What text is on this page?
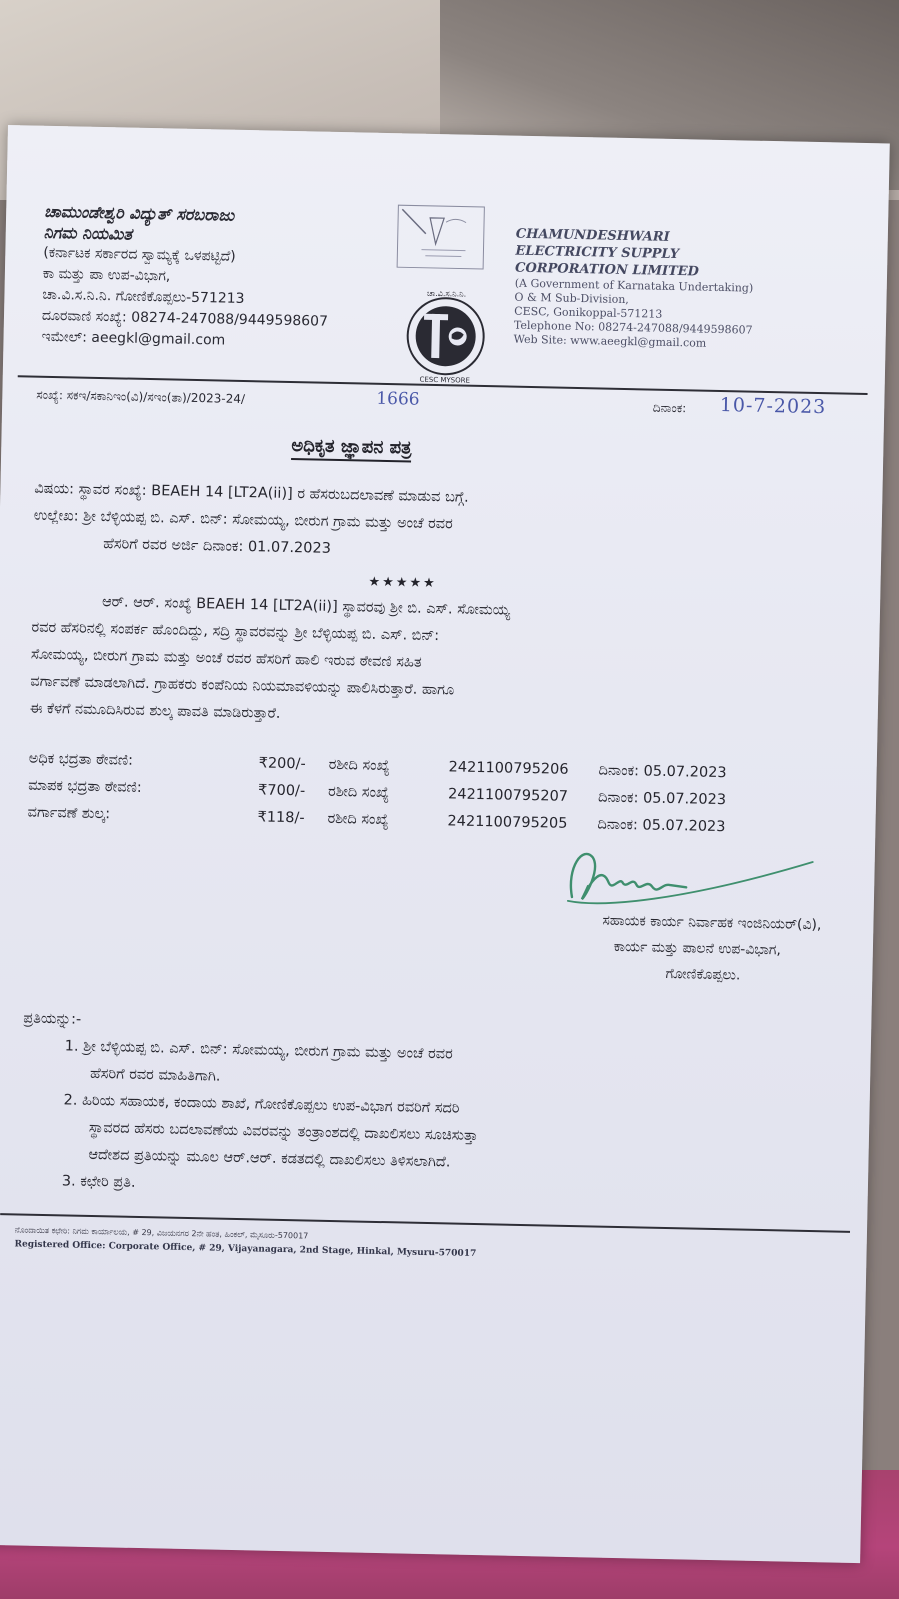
ಚಾಮುಂಡೇಶ್ವರಿ ವಿದ್ಯುತ್ ಸರಬರಾಜು
ನಿಗಮ ನಿಯಮಿತ
(ಕರ್ನಾಟಕ ಸರ್ಕಾರದ ಸ್ವಾಮ್ಯಕ್ಕೆ ಒಳಪಟ್ಟಿದೆ)
ಕಾ ಮತ್ತು ಪಾ ಉಪ-ವಿಭಾಗ,
ಚಾ.ವಿ.ಸ.ನಿ.ನಿ. ಗೋಣಿಕೊಪ್ಪಲು-571213
ದೂರವಾಣಿ ಸಂಖ್ಯೆ: 08274-247088/9449598607
ಇಮೇಲ್: aeegkl@gmail.com
ಚಾ.ವಿ.ಸ.ನಿ.ನಿ.
CESC MYSORE
CHAMUNDESHWARI
ELECTRICITY SUPPLY
CORPORATION LIMITED
(A Government of Karnataka Undertaking)
O & M Sub-Division,
CESC, Gonikoppal-571213
Telephone No: 08274-247088/9449598607
Web Site: www.aeegkl@gmail.com
ಸಂಖ್ಯೆ: ಸಕಇ/ಸಕಾನಿಇಂ(ವಿ)/ಸಇಂ(ತಾ)/2023-24/	1666	ದಿನಾಂಕ: 10-7-2023
ಅಧಿಕೃತ ಜ್ಞಾಪನ ಪತ್ರ
ವಿಷಯ: ಸ್ಥಾವರ ಸಂಖ್ಯೆ: BEAEH 14 [LT2A(ii)] ರ ಹೆಸರುಬದಲಾವಣೆ ಮಾಡುವ ಬಗ್ಗೆ.
ಉಲ್ಲೇಖ: ಶ್ರೀ ಬೆಳ್ಳಿಯಪ್ಪ ಬಿ. ಎಸ್. ಬಿನ್: ಸೋಮಯ್ಯ, ಬೀರುಗ ಗ್ರಾಮ ಮತ್ತು ಅಂಚೆ ರವರ
ಹೆಸರಿಗೆ ರವರ ಅರ್ಜಿ ದಿನಾಂಕ: 01.07.2023
★★★★★
ಆರ್. ಆರ್. ಸಂಖ್ಯೆ BEAEH 14 [LT2A(ii)] ಸ್ಥಾವರವು ಶ್ರೀ ಬಿ. ಎಸ್. ಸೋಮಯ್ಯ
ರವರ ಹೆಸರಿನಲ್ಲಿ ಸಂಪರ್ಕ ಹೊಂದಿದ್ದು, ಸದ್ರಿ ಸ್ಥಾವರವನ್ನು ಶ್ರೀ ಬೆಳ್ಳಿಯಪ್ಪ ಬಿ. ಎಸ್. ಬಿನ್:
ಸೋಮಯ್ಯ, ಬೀರುಗ ಗ್ರಾಮ ಮತ್ತು ಅಂಚೆ ರವರ ಹೆಸರಿಗೆ ಹಾಲಿ ಇರುವ ಠೇವಣಿ ಸಹಿತ
ವರ್ಗಾವಣೆ ಮಾಡಲಾಗಿದೆ. ಗ್ರಾಹಕರು ಕಂಪೆನಿಯ ನಿಯಮಾವಳಿಯನ್ನು ಪಾಲಿಸಿರುತ್ತಾರೆ. ಹಾಗೂ
ಈ ಕೆಳಗೆ ನಮೂದಿಸಿರುವ ಶುಲ್ಕ ಪಾವತಿ ಮಾಡಿರುತ್ತಾರೆ.
ಅಧಿಕ ಭದ್ರತಾ ಠೇವಣಿ:	₹200/- ರಶೀದಿ ಸಂಖ್ಯೆ	2421100795206 ದಿನಾಂಕ: 05.07.2023
ಮಾಪಕ ಭದ್ರತಾ ಠೇವಣಿ:	₹700/- ರಶೀದಿ ಸಂಖ್ಯೆ	2421100795207 ದಿನಾಂಕ: 05.07.2023
ವರ್ಗಾವಣೆ ಶುಲ್ಕ:	₹118/- ರಶೀದಿ ಸಂಖ್ಯೆ	2421100795205 ದಿನಾಂಕ: 05.07.2023
ಸಹಾಯಕ ಕಾರ್ಯ ನಿರ್ವಾಹಕ ಇಂಜಿನಿಯರ್(ವಿ),
ಕಾರ್ಯ ಮತ್ತು ಪಾಲನೆ ಉಪ-ವಿಭಾಗ,
ಗೋಣಿಕೊಪ್ಪಲು.
ಪ್ರತಿಯನ್ನು:-
1. ಶ್ರೀ ಬೆಳ್ಳಿಯಪ್ಪ ಬಿ. ಎಸ್. ಬಿನ್: ಸೋಮಯ್ಯ, ಬೀರುಗ ಗ್ರಾಮ ಮತ್ತು ಅಂಚೆ ರವರ
ಹೆಸರಿಗೆ ರವರ ಮಾಹಿತಿಗಾಗಿ.
2. ಹಿರಿಯ ಸಹಾಯಕ, ಕಂದಾಯ ಶಾಖೆ, ಗೋಣಿಕೊಪ್ಪಲು ಉಪ-ವಿಭಾಗ ರವರಿಗೆ ಸದರಿ
ಸ್ಥಾವರದ ಹೆಸರು ಬದಲಾವಣೆಯ ವಿವರವನ್ನು ತಂತ್ರಾಂಶದಲ್ಲಿ ದಾಖಲಿಸಲು ಸೂಚಿಸುತ್ತಾ
ಆದೇಶದ ಪ್ರತಿಯನ್ನು ಮೂಲ ಆರ್.ಆರ್. ಕಡತದಲ್ಲಿ ದಾಖಲಿಸಲು ತಿಳಿಸಲಾಗಿದೆ.
3. ಕಛೇರಿ ಪ್ರತಿ.
ನೊಂದಾಯಿತ ಕಛೇರಿ: ನಿಗಮ ಕಾರ್ಯಾಲಯ, # 29, ವಿಜಯನಗರ 2ನೇ ಹಂತ, ಹಿಂಕಲ್, ಮೈಸೂರು-570017
Registered Office: Corporate Office, # 29, Vijayanagara, 2nd Stage, Hinkal, Mysuru-570017
